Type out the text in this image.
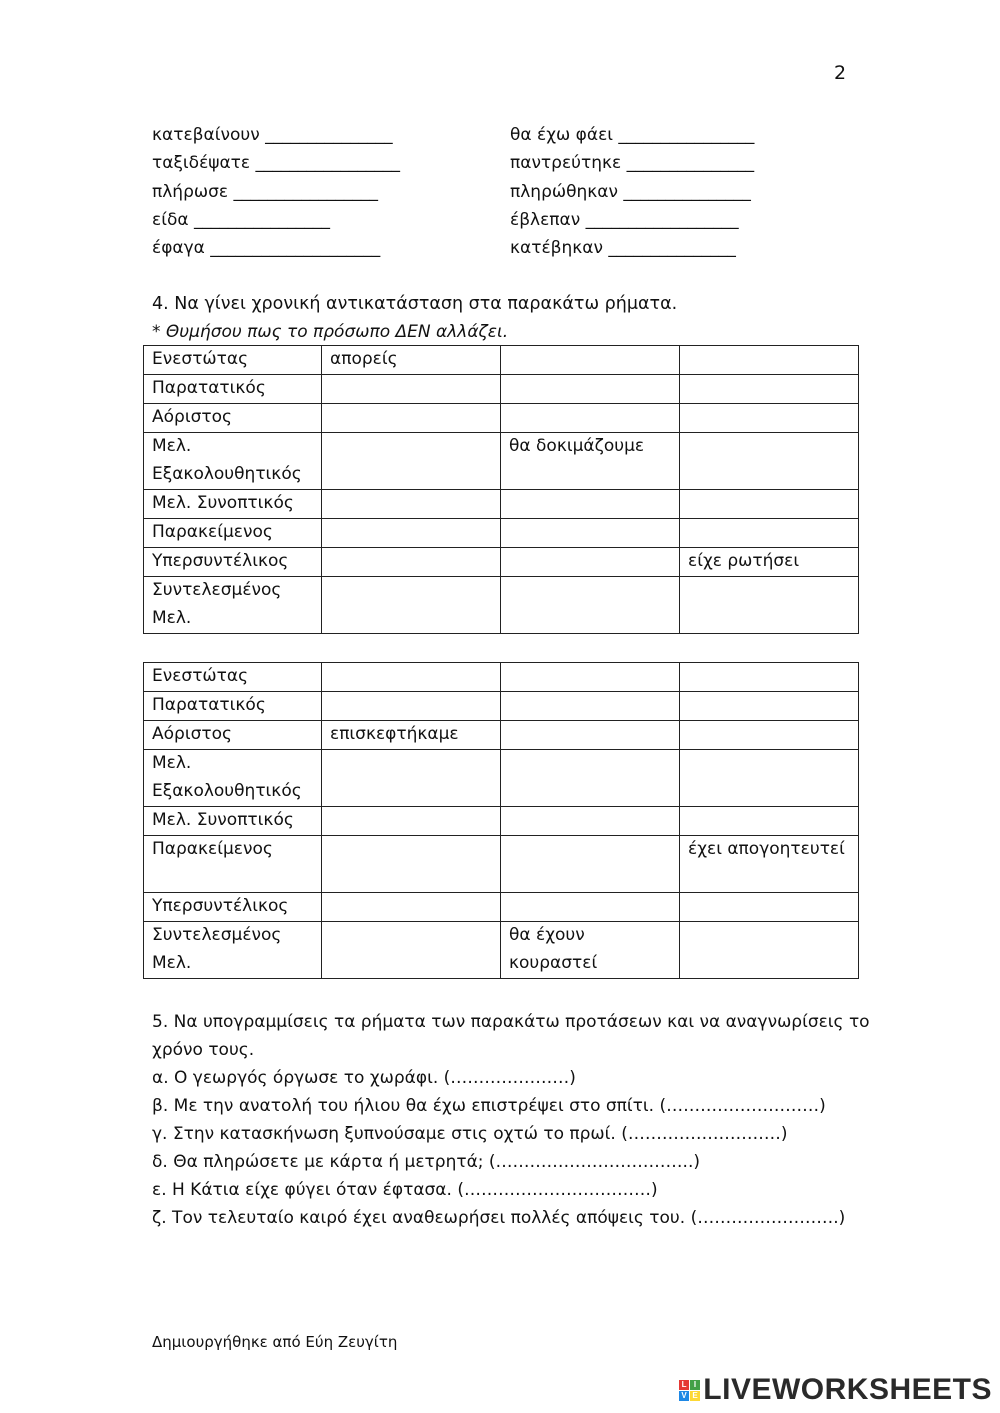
2
κατεβαίνουν _______________
ταξιδέψατε _________________
πλήρωσε _________________
είδα ________________
έφαγα ____________________
θα έχω φάει ________________
παντρεύτηκε _______________
πληρώθηκαν _______________
έβλεπαν __________________
κατέβηκαν _______________
4. Να γίνει χρονική αντικατάσταση στα παρακάτω ρήματα.
* Θυμήσου πως το πρόσωπο ΔΕΝ αλλάζει.
Ενεστώτας	απορείς		
Παρατατικός			
Αόριστος			
Μελ. Εξακολουθητικός		θα δοκιμάζουμε	
Μελ. Συνοπτικός			
Παρακείμενος			
Υπερσυντέλικος			είχε ρωτήσει
Συντελεσμένος Μελ.			
Ενεστώτας			
Παρατατικός			
Αόριστος	επισκεφτήκαμε		
Μελ. Εξακολουθητικός			
Μελ. Συνοπτικός			
Παρακείμενος			έχει απογοητευτεί
Υπερσυντέλικος			
Συντελεσμένος Μελ.		θα έχουν κουραστεί	
5. Να υπογραμμίσεις τα ρήματα των παρακάτω προτάσεων και να αναγνωρίσεις το
χρόνο τους.
α. Ο γεωργός όργωσε το χωράφι. (…………………)
β. Με την ανατολή του ήλιου θα έχω επιστρέψει στο σπίτι. (………………………)
γ. Στην κατασκήνωση ξυπνούσαμε στις οχτώ το πρωί. (………………………)
δ. Θα πληρώσετε με κάρτα ή μετρητά; (……………………………..)
ε. Η Κάτια είχε φύγει όταν έφτασα. (……………………………)
ζ. Τον τελευταίο καιρό έχει αναθεωρήσει πολλές απόψεις του. (…………………….)
Δημιουργήθηκε από Εύη Ζευγίτη
L I
V E LIVEWORKSHEETS
